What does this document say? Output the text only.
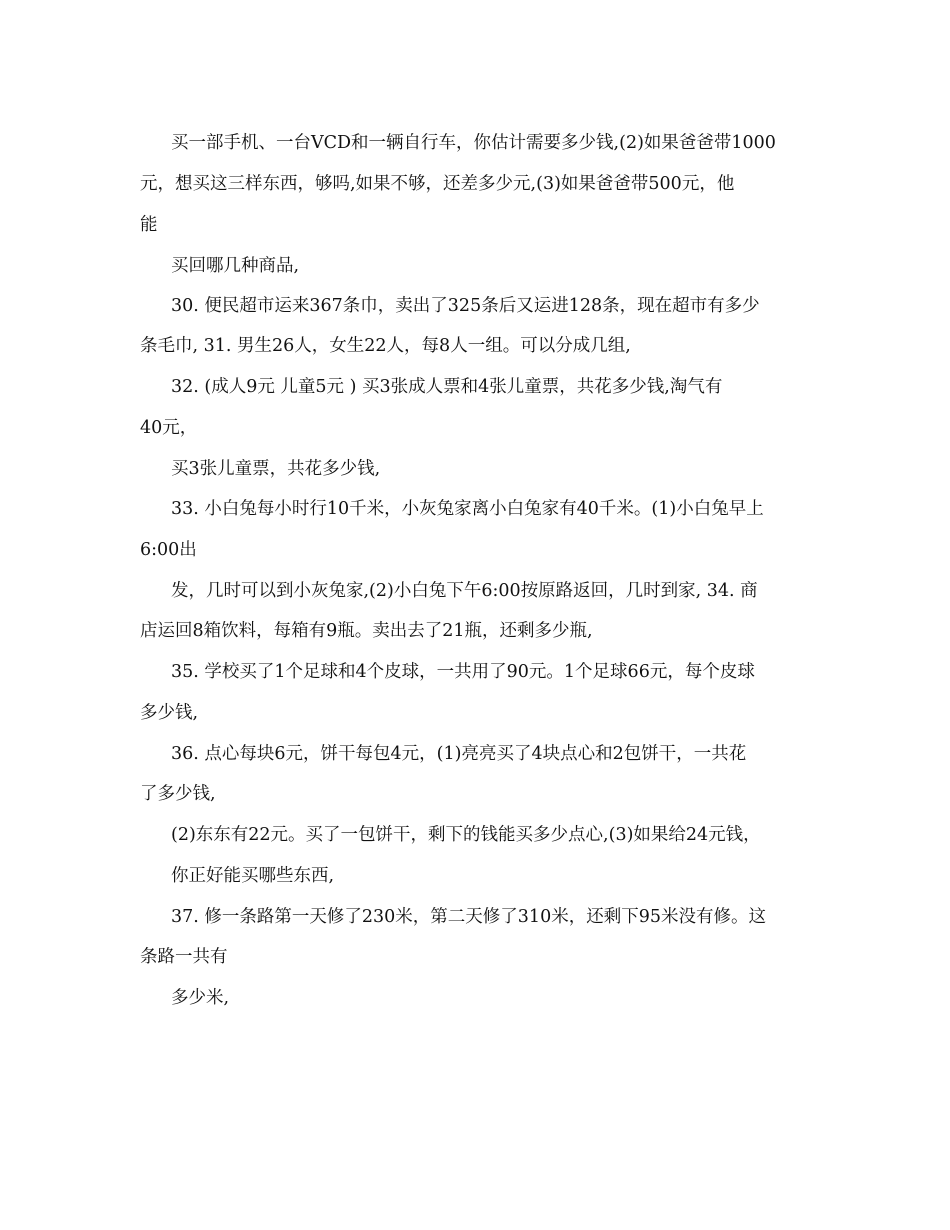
买一部手机、一台VCD和一辆自行车，你估计需要多少钱,(2)如果爸爸带1000
元，想买这三样东西，够吗,如果不够，还差多少元,(3)如果爸爸带500元，他
能
买回哪几种商品,
30. 便民超市运来367条巾，卖出了325条后又运进128条，现在超市有多少
条毛巾, 31. 男生26人，女生22人，每8人一组。可以分成几组,
32. (成人9元 儿童5元 ) 买3张成人票和4张儿童票，共花多少钱,淘气有
40元，
买3张儿童票，共花多少钱,
33. 小白兔每小时行10千米，小灰兔家离小白兔家有40千米。(1)小白兔早上
6:00出
发，几时可以到小灰兔家,(2)小白兔下午6:00按原路返回，几时到家, 34. 商
店运回8箱饮料，每箱有9瓶。卖出去了21瓶，还剩多少瓶,
35. 学校买了1个足球和4个皮球，一共用了90元。1个足球66元，每个皮球
多少钱,
36. 点心每块6元，饼干每包4元，(1)亮亮买了4块点心和2包饼干，一共花
了多少钱,
(2)东东有22元。买了一包饼干，剩下的钱能买多少点心,(3)如果给24元钱，
你正好能买哪些东西,
37. 修一条路第一天修了230米，第二天修了310米，还剩下95米没有修。这
条路一共有
多少米,
